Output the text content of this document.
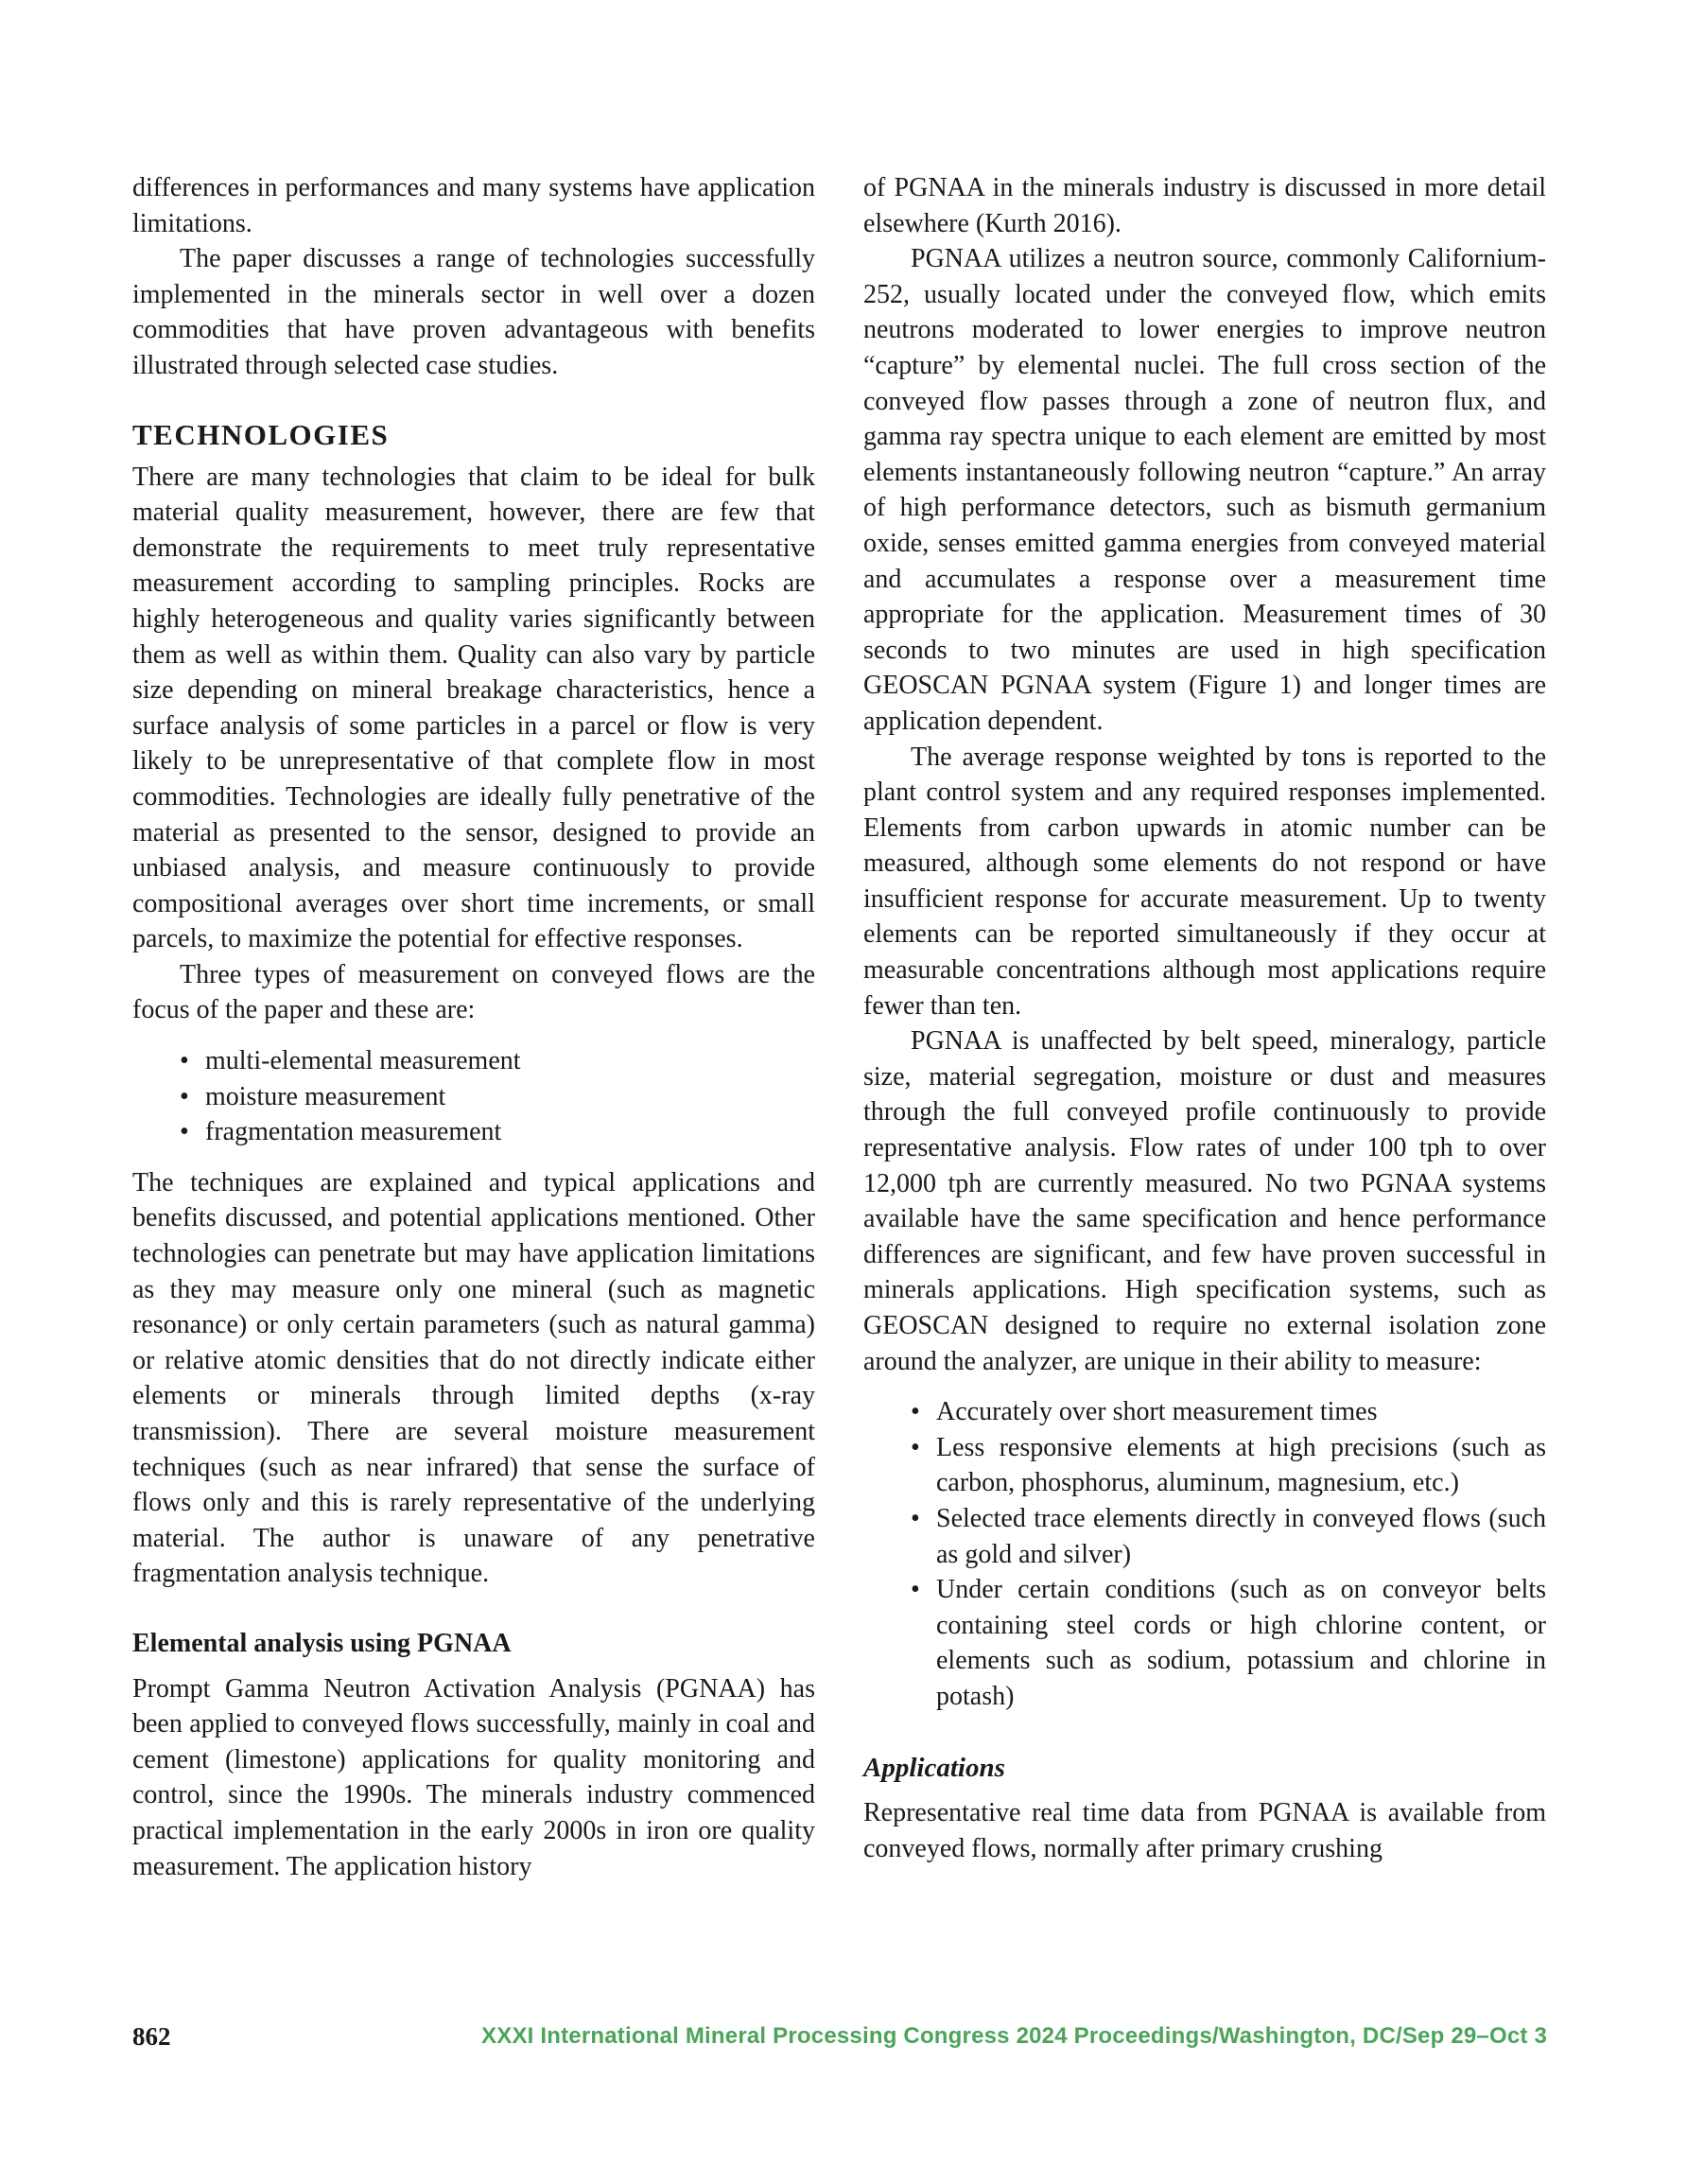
differences in performances and many systems have application limitations.

The paper discusses a range of technologies successfully implemented in the minerals sector in well over a dozen commodities that have proven advantageous with benefits illustrated through selected case studies.

TECHNOLOGIES

There are many technologies that claim to be ideal for bulk material quality measurement, however, there are few that demonstrate the requirements to meet truly representative measurement according to sampling principles. Rocks are highly heterogeneous and quality varies significantly between them as well as within them. Quality can also vary by particle size depending on mineral breakage characteristics, hence a surface analysis of some particles in a parcel or flow is very likely to be unrepresentative of that complete flow in most commodities. Technologies are ideally fully penetrative of the material as presented to the sensor, designed to provide an unbiased analysis, and measure continuously to provide compositional averages over short time increments, or small parcels, to maximize the potential for effective responses.

Three types of measurement on conveyed flows are the focus of the paper and these are:

• multi-elemental measurement
• moisture measurement
• fragmentation measurement

The techniques are explained and typical applications and benefits discussed, and potential applications mentioned. Other technologies can penetrate but may have application limitations as they may measure only one mineral (such as magnetic resonance) or only certain parameters (such as natural gamma) or relative atomic densities that do not directly indicate either elements or minerals through limited depths (x-ray transmission). There are several moisture measurement techniques (such as near infrared) that sense the surface of flows only and this is rarely representative of the underlying material. The author is unaware of any penetrative fragmentation analysis technique.

Elemental analysis using PGNAA

Prompt Gamma Neutron Activation Analysis (PGNAA) has been applied to conveyed flows successfully, mainly in coal and cement (limestone) applications for quality monitoring and control, since the 1990s. The minerals industry commenced practical implementation in the early 2000s in iron ore quality measurement. The application history

of PGNAA in the minerals industry is discussed in more detail elsewhere (Kurth 2016).

PGNAA utilizes a neutron source, commonly Californium-252, usually located under the conveyed flow, which emits neutrons moderated to lower energies to improve neutron “capture” by elemental nuclei. The full cross section of the conveyed flow passes through a zone of neutron flux, and gamma ray spectra unique to each element are emitted by most elements instantaneously following neutron “capture.” An array of high performance detectors, such as bismuth germanium oxide, senses emitted gamma energies from conveyed material and accumulates a response over a measurement time appropriate for the application. Measurement times of 30 seconds to two minutes are used in high specification GEOSCAN PGNAA system (Figure 1) and longer times are application dependent.

The average response weighted by tons is reported to the plant control system and any required responses implemented. Elements from carbon upwards in atomic number can be measured, although some elements do not respond or have insufficient response for accurate measurement. Up to twenty elements can be reported simultaneously if they occur at measurable concentrations although most applications require fewer than ten.

PGNAA is unaffected by belt speed, mineralogy, particle size, material segregation, moisture or dust and measures through the full conveyed profile continuously to provide representative analysis. Flow rates of under 100 tph to over 12,000 tph are currently measured. No two PGNAA systems available have the same specification and hence performance differences are significant, and few have proven successful in minerals applications. High specification systems, such as GEOSCAN designed to require no external isolation zone around the analyzer, are unique in their ability to measure:

• Accurately over short measurement times
• Less responsive elements at high precisions (such as carbon, phosphorus, aluminum, magnesium, etc.)
• Selected trace elements directly in conveyed flows (such as gold and silver)
• Under certain conditions (such as on conveyor belts containing steel cords or high chlorine content, or elements such as sodium, potassium and chlorine in potash)
Applications

Representative real time data from PGNAA is available from conveyed flows, normally after primary crushing

862	XXXI International Mineral Processing Congress 2024 Proceedings/Washington, DC/Sep 29–Oct 3
